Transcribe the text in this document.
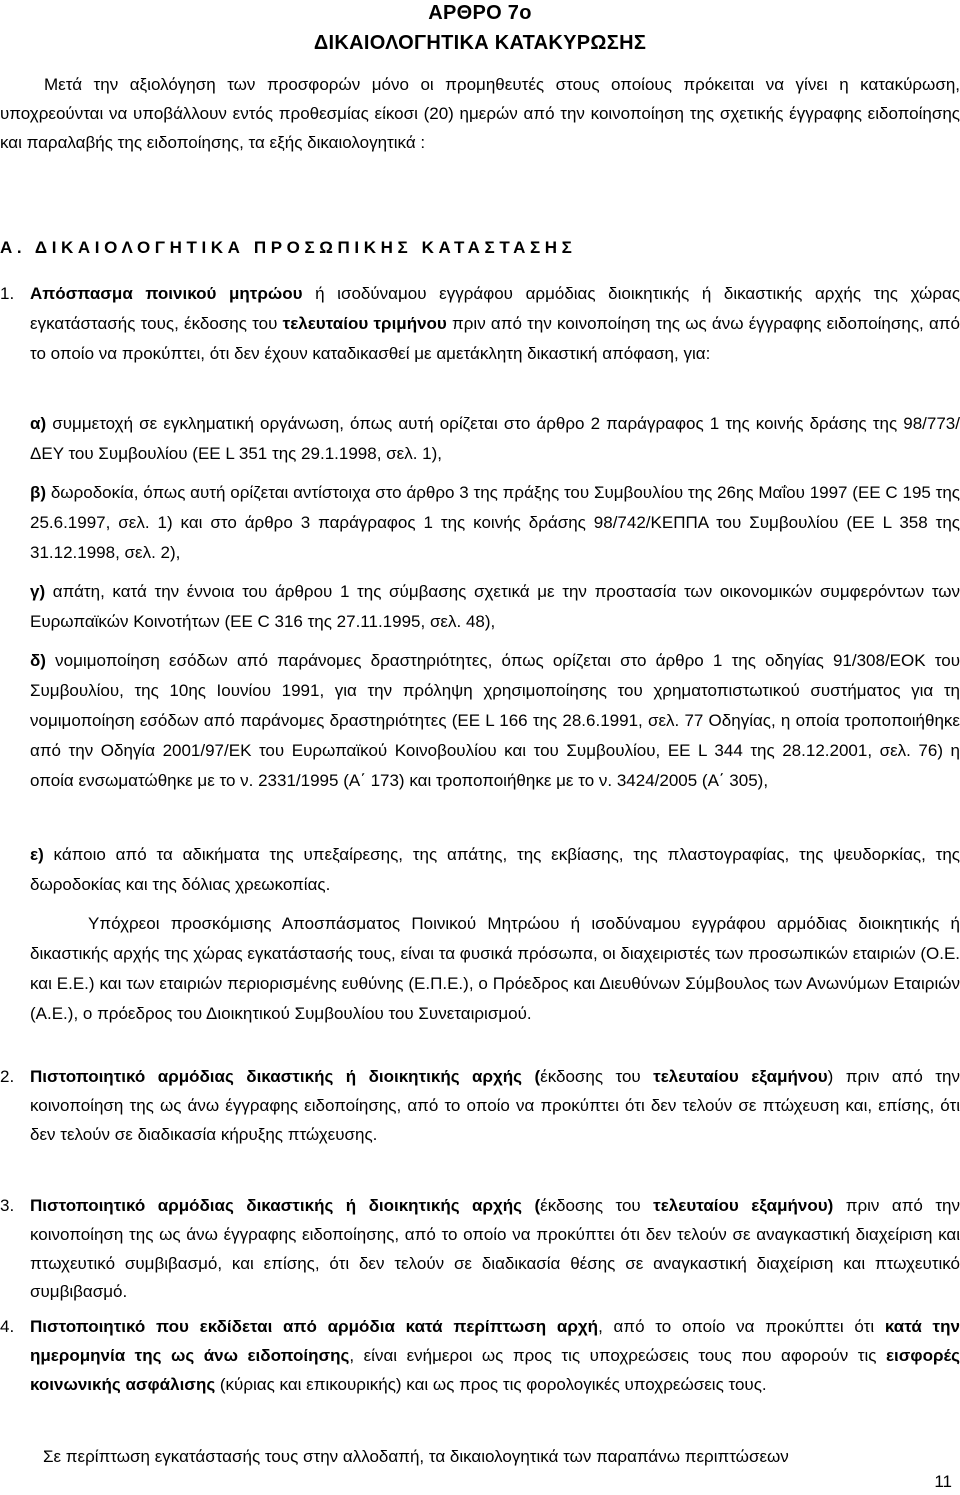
ΑΡΘΡΟ 7ο
ΔΙΚΑΙΟΛΟΓΗΤΙΚΑ ΚΑΤΑΚΥΡΩΣΗΣ
Μετά την αξιολόγηση των προσφορών μόνο οι προμηθευτές στους οποίους πρόκειται να γίνει η κατακύρωση, υποχρεούνται να υποβάλλουν εντός προθεσμίας είκοσι (20) ημερών από την κοινοποίηση της σχετικής έγγραφης ειδοποίησης και παραλαβής της ειδοποίησης, τα εξής δικαιολογητικά :
Α. ΔΙΚΑΙΟΛΟΓΗΤΙΚΑ ΠΡΟΣΩΠΙΚΗΣ ΚΑΤΑΣΤΑΣΗΣ
1. Απόσπασμα ποινικού μητρώου ή ισοδύναμου εγγράφου αρμόδιας διοικητικής ή δικαστικής αρχής της χώρας εγκατάστασής τους, έκδοσης του τελευταίου τριμήνου πριν από την κοινοποίηση της ως άνω έγγραφης ειδοποίησης, από το οποίο να προκύπτει, ότι δεν έχουν καταδικασθεί με αμετάκλητη δικαστική απόφαση, για:
α) συμμετοχή σε εγκληματική οργάνωση, όπως αυτή ορίζεται στο άρθρο 2 παράγραφος 1 της κοινής δράσης της 98/773/ΔΕΥ του Συμβουλίου (ΕΕ L 351 της 29.1.1998, σελ. 1),
β) δωροδοκία, όπως αυτή ορίζεται αντίστοιχα στο άρθρο 3 της πράξης του Συμβουλίου της 26ης Μαΐου 1997 (ΕΕ C 195 της 25.6.1997, σελ. 1) και στο άρθρο 3 παράγραφος 1 της κοινής δράσης 98/742/ΚΕΠΠΑ του Συμβουλίου (ΕΕ L 358 της 31.12.1998, σελ. 2),
γ) απάτη, κατά την έννοια του άρθρου 1 της σύμβασης σχετικά με την προστασία των οικονομικών συμφερόντων των Ευρωπαϊκών Κοινοτήτων (ΕΕ C 316 της 27.11.1995, σελ. 48),
δ) νομιμοποίηση εσόδων από παράνομες δραστηριότητες, όπως ορίζεται στο άρθρο 1 της οδηγίας 91/308/ΕΟΚ του Συμβουλίου, της 10ης Ιουνίου 1991, για την πρόληψη χρησιμοποίησης του χρηματοπιστωτικού συστήματος για τη νομιμοποίηση εσόδων από παράνομες δραστηριότητες (ΕΕ L 166 της 28.6.1991, σελ. 77 Οδηγίας, η οποία τροποποιήθηκε από την Οδηγία 2001/97/ΕΚ του Ευρωπαϊκού Κοινοβουλίου και του Συμβουλίου, ΕΕ L 344 της 28.12.2001, σελ. 76) η οποία ενσωματώθηκε με το ν. 2331/1995 (Α΄ 173) και τροποποιήθηκε με το ν. 3424/2005 (Α΄ 305),
ε) κάποιο από τα αδικήματα της υπεξαίρεσης, της απάτης, της εκβίασης, της πλαστογραφίας, της ψευδορκίας, της δωροδοκίας και της δόλιας χρεωκοπίας.
Υπόχρεοι προσκόμισης Αποσπάσματος Ποινικού Μητρώου ή ισοδύναμου εγγράφου αρμόδιας διοικητικής ή δικαστικής αρχής της χώρας εγκατάστασής τους, είναι τα φυσικά πρόσωπα, οι διαχειριστές των προσωπικών εταιριών (Ο.Ε. και Ε.Ε.) και των εταιριών περιορισμένης ευθύνης (Ε.Π.Ε.), ο Πρόεδρος και Διευθύνων Σύμβουλος των Ανωνύμων Εταιριών (Α.Ε.), ο πρόεδρος του Διοικητικού Συμβουλίου του Συνεταιρισμού.
2. Πιστοποιητικό αρμόδιας δικαστικής ή διοικητικής αρχής (έκδοσης του τελευταίου εξαμήνου) πριν από την κοινοποίηση της ως άνω έγγραφης ειδοποίησης, από το οποίο να προκύπτει ότι δεν τελούν σε πτώχευση και, επίσης, ότι δεν τελούν σε διαδικασία κήρυξης πτώχευσης.
3. Πιστοποιητικό αρμόδιας δικαστικής ή διοικητικής αρχής (έκδοσης του τελευταίου εξαμήνου) πριν από την κοινοποίηση της ως άνω έγγραφης ειδοποίησης, από το οποίο να προκύπτει ότι δεν τελούν σε αναγκαστική διαχείριση και πτωχευτικό συμβιβασμό, και επίσης, ότι δεν τελούν σε διαδικασία θέσης σε αναγκαστική διαχείριση και πτωχευτικό συμβιβασμό.
4. Πιστοποιητικό που εκδίδεται από αρμόδια κατά περίπτωση αρχή, από το οποίο να προκύπτει ότι κατά την ημερομηνία της ως άνω ειδοποίησης, είναι ενήμεροι ως προς τις υποχρεώσεις τους που αφορούν τις εισφορές κοινωνικής ασφάλισης (κύριας και επικουρικής) και ως προς τις φορολογικές υποχρεώσεις τους.
Σε περίπτωση εγκατάστασής τους στην αλλοδαπή, τα δικαιολογητικά των παραπάνω περιπτώσεων
11
